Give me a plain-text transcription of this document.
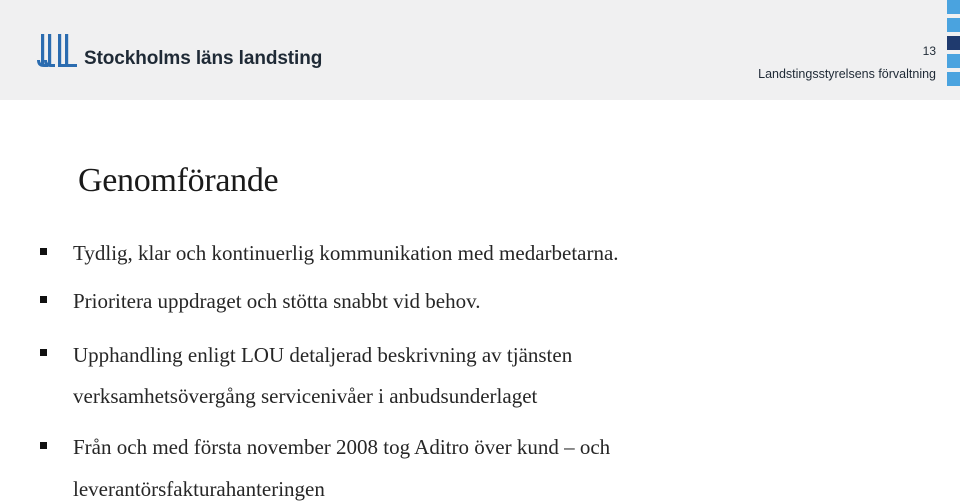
Stockholms läns landsting	13
Landstingsstyrelsens förvaltning
Genomförande
Tydlig, klar och kontinuerlig kommunikation med medarbetarna.
Prioritera uppdraget och stötta snabbt vid behov.
Upphandling enligt LOU detaljerad beskrivning av tjänsten
verksamhetsövergång servicenivåer i anbudsunderlaget
Från och med första november 2008 tog Aditro över kund – och
leverantörsfakturahanteringen
